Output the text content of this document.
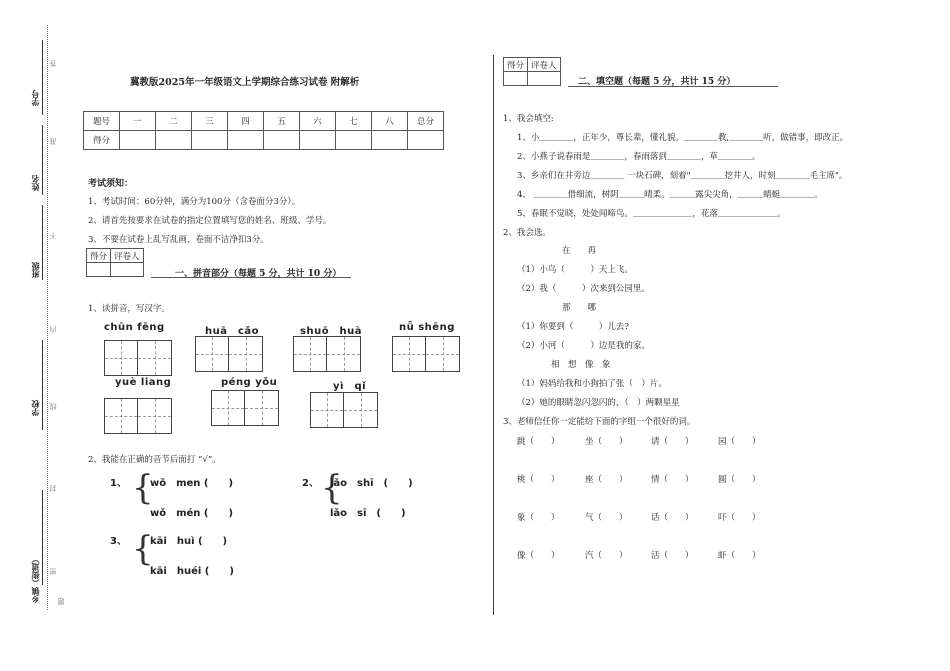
学号
姓名
班级
学校
乡镇（街道）
答
准
不
内
线
封
密
题
冀教版2025年一年级语文上学期综合练习试卷 附解析
题号	一	二	三	四	五	六	七	八	总分
得分									
考试须知：
1、考试时间：60分钟，满分为100分（含卷面分3分）。
2、请首先按要求在试卷的指定位置填写您的姓名、班级、学号。
3、不要在试卷上乱写乱画，卷面不洁净扣3分。
得分	评卷人

一、拼音部分（每题 5 分，共计 10 分）
1、读拼音，写汉字。
chūn fēng	huā　cǎo	shuō　huà	nǚ shēng
yuè liang	péng yǒu	yì　qǐ
2、我能在正确的音节后面打 “√”。
1、 {
wǒ　men (　　)
wǒ　mén (　　)
2、 {
lǎo　shī　(　　)
lǎo　sī　(　　)
3、 {
kāi　huì (　　)
kāi　huéi (　　)
得分	评卷人

二、填空题（每题 5 分，共计 15 分）
1、我会填空:
1、小＿＿＿＿，正年少，尊长辈，懂礼貌。＿＿＿＿教,＿＿＿＿听，做错事，即改正。
2、小燕子说春雨是＿＿＿＿，春雨落到＿＿＿＿，草＿＿＿＿。
3、乡亲们在井旁边＿＿＿＿ 一块石碑，刻着"＿＿＿＿挖井人，时刻＿＿＿＿毛主席"。
4、 ＿＿＿＿借细流，树阴＿＿＿晴柔。＿＿＿露尖尖角，＿＿＿蜻蜓＿＿＿＿。
5、春眠不觉晓，处处闻啼鸟。＿＿＿＿＿＿＿，花落＿＿＿＿＿＿＿。
2、我会选。
在　　再
（1）小鸟（　　　）天上飞。
（2）我（　　　）次来到公园里。
那　　哪
（1）你要到（　　　）儿去?
（2）小河（　　　）边是我的家。
相　想　像　象
（1）妈妈给我和小狗拍了张（　）片。
（2）她的眼睛忽闪忽闪的，（　）两颗星星
3、老师信任你一定能给下面的字组一个很好的词。
跳（　　）	坐（　　）	请（　　）	园（　　）
桃（　　）	座（　　）	情（　　）	圆（　　）
象（　　）	气（　　）	话（　　）	吓（　　）
像（　　）	汽（　　）	活（　　）	虾（　　）
